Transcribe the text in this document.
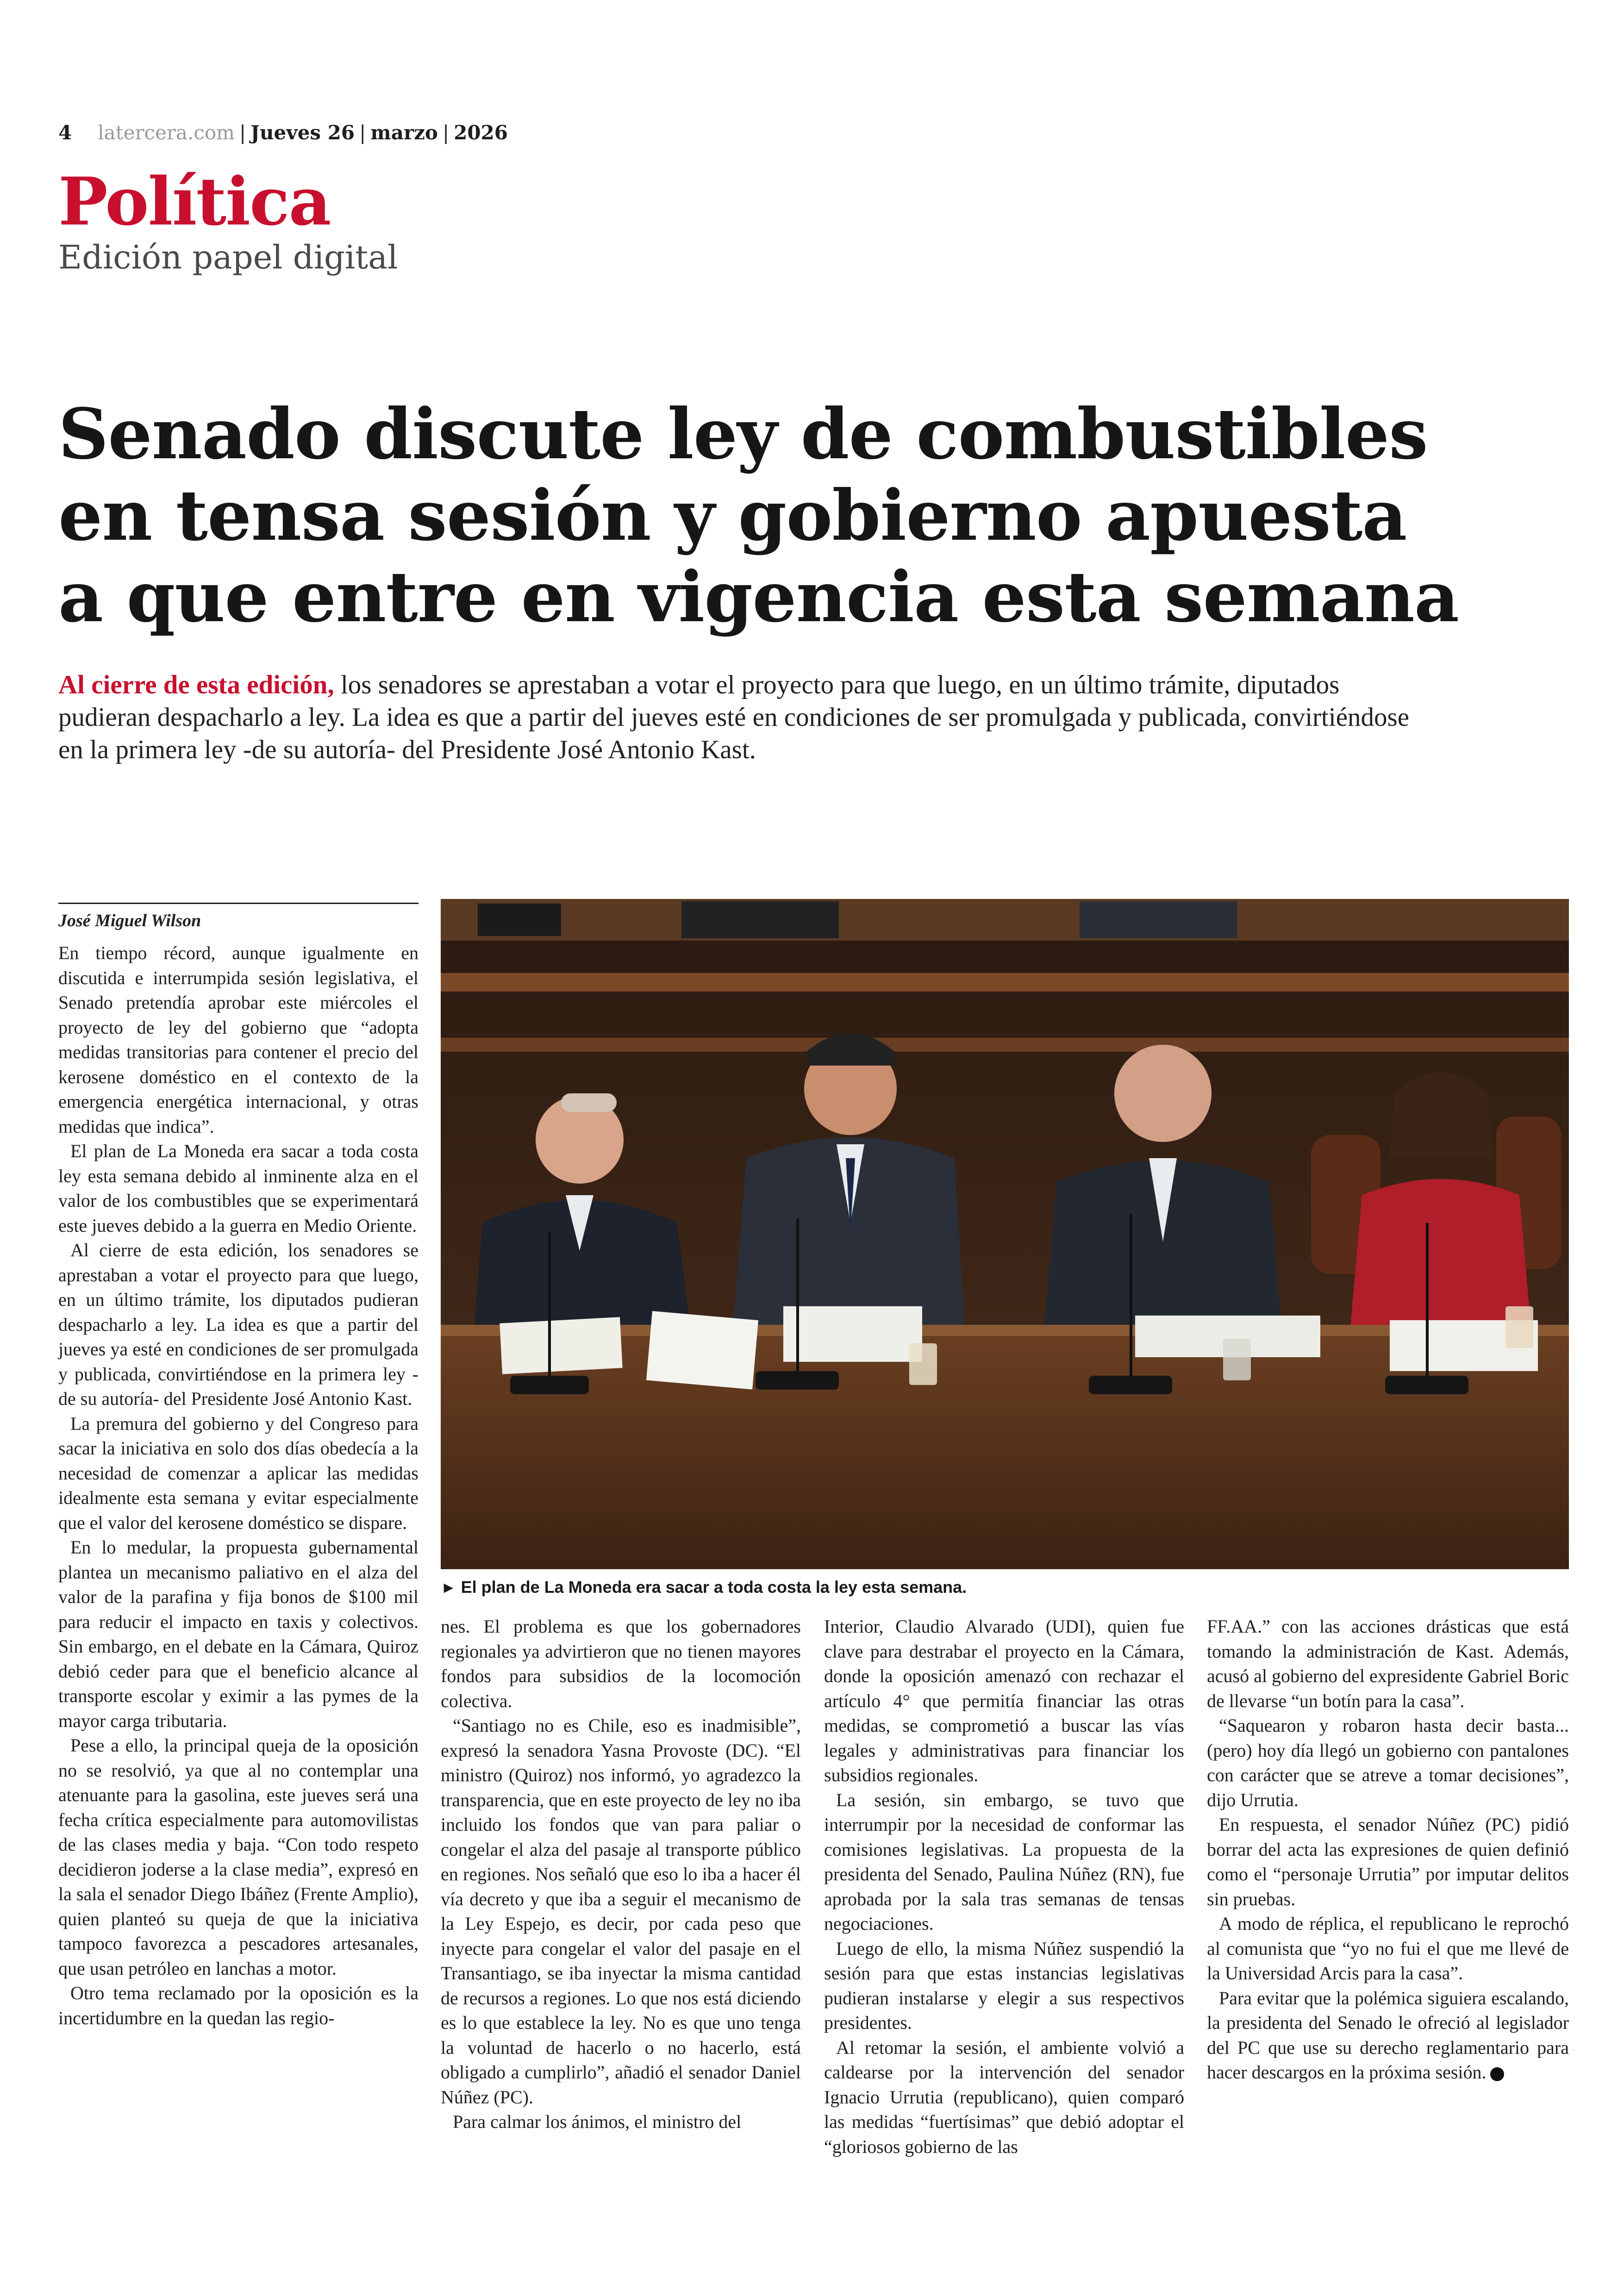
4 latercera.com | Jueves 26 | marzo | 2026
Política
Edición papel digital
Senado discute ley de combustibles
en tensa sesión y gobierno apuesta
a que entre en vigencia esta semana
Al cierre de esta edición, los senadores se aprestaban a votar el proyecto para que luego, en un último trámite, diputados pudieran despacharlo a ley. La idea es que a partir del jueves esté en condiciones de ser promulgada y publicada, convirtiéndose en la primera ley -de su autoría- del Presidente José Antonio Kast.
José Miguel Wilson

En tiempo récord, aunque igualmente en discutida e interrumpida sesión legislativa, el Senado pretendía aprobar este miércoles el proyecto de ley del gobierno que “adopta medidas transitorias para contener el precio del kerosene doméstico en el contexto de la emergencia energética internacional, y otras medidas que indica”.

El plan de La Moneda era sacar a toda costa ley esta semana debido al inminente alza en el valor de los combustibles que se experimentará este jueves debido a la guerra en Medio Oriente.

Al cierre de esta edición, los senadores se aprestaban a votar el proyecto para que luego, en un último trámite, los diputados pudieran despacharlo a ley. La idea es que a partir del jueves ya esté en condiciones de ser promulgada y publicada, convirtiéndose en la primera ley -de su autoría- del Presidente José Antonio Kast.

La premura del gobierno y del Congreso para sacar la iniciativa en solo dos días obedecía a la necesidad de comenzar a aplicar las medidas idealmente esta semana y evitar especialmente que el valor del kerosene doméstico se dispare.

En lo medular, la propuesta gubernamental plantea un mecanismo paliativo en el alza del valor de la parafina y fija bonos de $100 mil para reducir el impacto en taxis y colectivos. Sin embargo, en el debate en la Cámara, Quiroz debió ceder para que el beneficio alcance al transporte escolar y eximir a las pymes de la mayor carga tributaria.

Pese a ello, la principal queja de la oposición no se resolvió, ya que al no contemplar una atenuante para la gasolina, este jueves será una fecha crítica especialmente para automovilistas de las clases media y baja. “Con todo respeto decidieron joderse a la clase media”, expresó en la sala el senador Diego Ibáñez (Frente Amplio), quien planteó su queja de que la iniciativa tampoco favorezca a pescadores artesanales, que usan petróleo en lanchas a motor.

Otro tema reclamado por la oposición es la incertidumbre en la quedan las regio-

► El plan de La Moneda era sacar a toda costa la ley esta semana.

nes. El problema es que los gobernadores regionales ya advirtieron que no tienen mayores fondos para subsidios de la locomoción colectiva.

“Santiago no es Chile, eso es inadmisible”, expresó la senadora Yasna Provoste (DC). “El ministro (Quiroz) nos informó, yo agradezco la transparencia, que en este proyecto de ley no iba incluido los fondos que van para paliar o congelar el alza del pasaje al transporte público en regiones. Nos señaló que eso lo iba a hacer él vía decreto y que iba a seguir el mecanismo de la Ley Espejo, es decir, por cada peso que inyecte para congelar el valor del pasaje en el Transantiago, se iba inyectar la misma cantidad de recursos a regiones. Lo que nos está diciendo es lo que establece la ley. No es que uno tenga la voluntad de hacerlo o no hacerlo, está obligado a cumplirlo”, añadió el senador Daniel Núñez (PC).

Para calmar los ánimos, el ministro del

Interior, Claudio Alvarado (UDI), quien fue clave para destrabar el proyecto en la Cámara, donde la oposición amenazó con rechazar el artículo 4° que permitía financiar las otras medidas, se comprometió a buscar las vías legales y administrativas para financiar los subsidios regionales.

La sesión, sin embargo, se tuvo que interrumpir por la necesidad de conformar las comisiones legislativas. La propuesta de la presidenta del Senado, Paulina Núñez (RN), fue aprobada por la sala tras semanas de tensas negociaciones.

Luego de ello, la misma Núñez suspendió la sesión para que estas instancias legislativas pudieran instalarse y elegir a sus respectivos presidentes.

Al retomar la sesión, el ambiente volvió a caldearse por la intervención del senador Ignacio Urrutia (republicano), quien comparó las medidas “fuertísimas” que debió adoptar el “gloriosos gobierno de las

FF.AA.” con las acciones drásticas que está tomando la administración de Kast. Además, acusó al gobierno del expresidente Gabriel Boric de llevarse “un botín para la casa”.

“Saquearon y robaron hasta decir basta... (pero) hoy día llegó un gobierno con pantalones con carácter que se atreve a tomar decisiones”, dijo Urrutia.

En respuesta, el senador Núñez (PC) pidió borrar del acta las expresiones de quien definió como el “personaje Urrutia” por imputar delitos sin pruebas.

A modo de réplica, el republicano le reprochó al comunista que “yo no fui el que me llevé de la Universidad Arcis para la casa”.

Para evitar que la polémica siguiera escalando, la presidenta del Senado le ofreció al legislador del PC que use su derecho reglamentario para hacer descargos en la próxima sesión.
